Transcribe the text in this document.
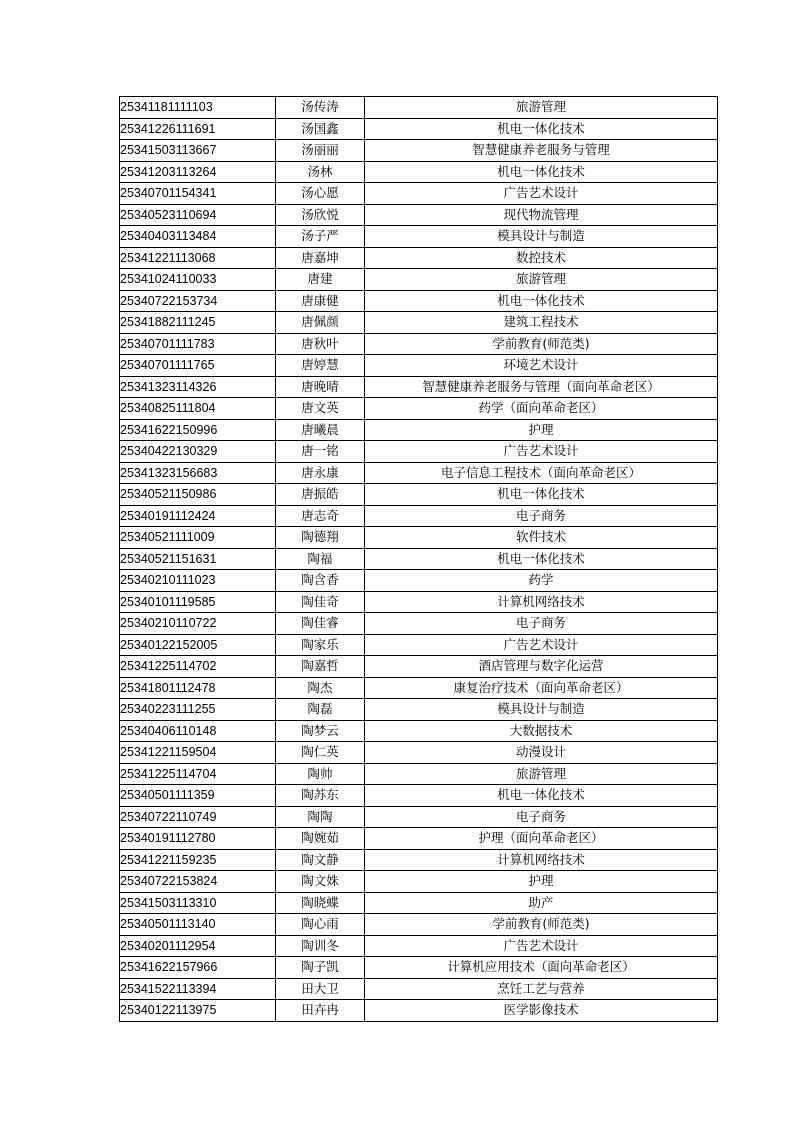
25341181111103	汤传涛	旅游管理
25341226111691	汤国鑫	机电一体化技术
25341503113667	汤丽丽	智慧健康养老服务与管理
25341203113264	汤林	机电一体化技术
25340701154341	汤心愿	广告艺术设计
25340523110694	汤欣悦	现代物流管理
25340403113484	汤子严	模具设计与制造
25341221113068	唐嘉坤	数控技术
25341024110033	唐建	旅游管理
25340722153734	唐康健	机电一体化技术
25341882111245	唐佩颜	建筑工程技术
25340701111783	唐秋叶	学前教育(师范类)
25340701111765	唐婷慧	环境艺术设计
25341323114326	唐晚晴	智慧健康养老服务与管理（面向革命老区）
25340825111804	唐文英	药学（面向革命老区）
25341622150996	唐曦晨	护理
25340422130329	唐一铭	广告艺术设计
25341323156683	唐永康	电子信息工程技术（面向革命老区）
25340521150986	唐振皓	机电一体化技术
25340191112424	唐志奇	电子商务
25340521111009	陶德翔	软件技术
25340521151631	陶福	机电一体化技术
25340210111023	陶含香	药学
25340101119585	陶佳奇	计算机网络技术
25340210110722	陶佳睿	电子商务
25340122152005	陶家乐	广告艺术设计
25341225114702	陶嘉哲	酒店管理与数字化运营
25341801112478	陶杰	康复治疗技术（面向革命老区）
25340223111255	陶磊	模具设计与制造
25340406110148	陶梦云	大数据技术
25341221159504	陶仁英	动漫设计
25341225114704	陶帅	旅游管理
25340501111359	陶苏东	机电一体化技术
25340722110749	陶陶	电子商务
25340191112780	陶婉茹	护理（面向革命老区）
25341221159235	陶文静	计算机网络技术
25340722153824	陶文姝	护理
25341503113310	陶晓蝶	助产
25340501113140	陶心雨	学前教育(师范类)
25340201112954	陶训冬	广告艺术设计
25341622157966	陶子凯	计算机应用技术（面向革命老区）
25341522113394	田大卫	烹饪工艺与营养
25340122113975	田卉冉	医学影像技术
